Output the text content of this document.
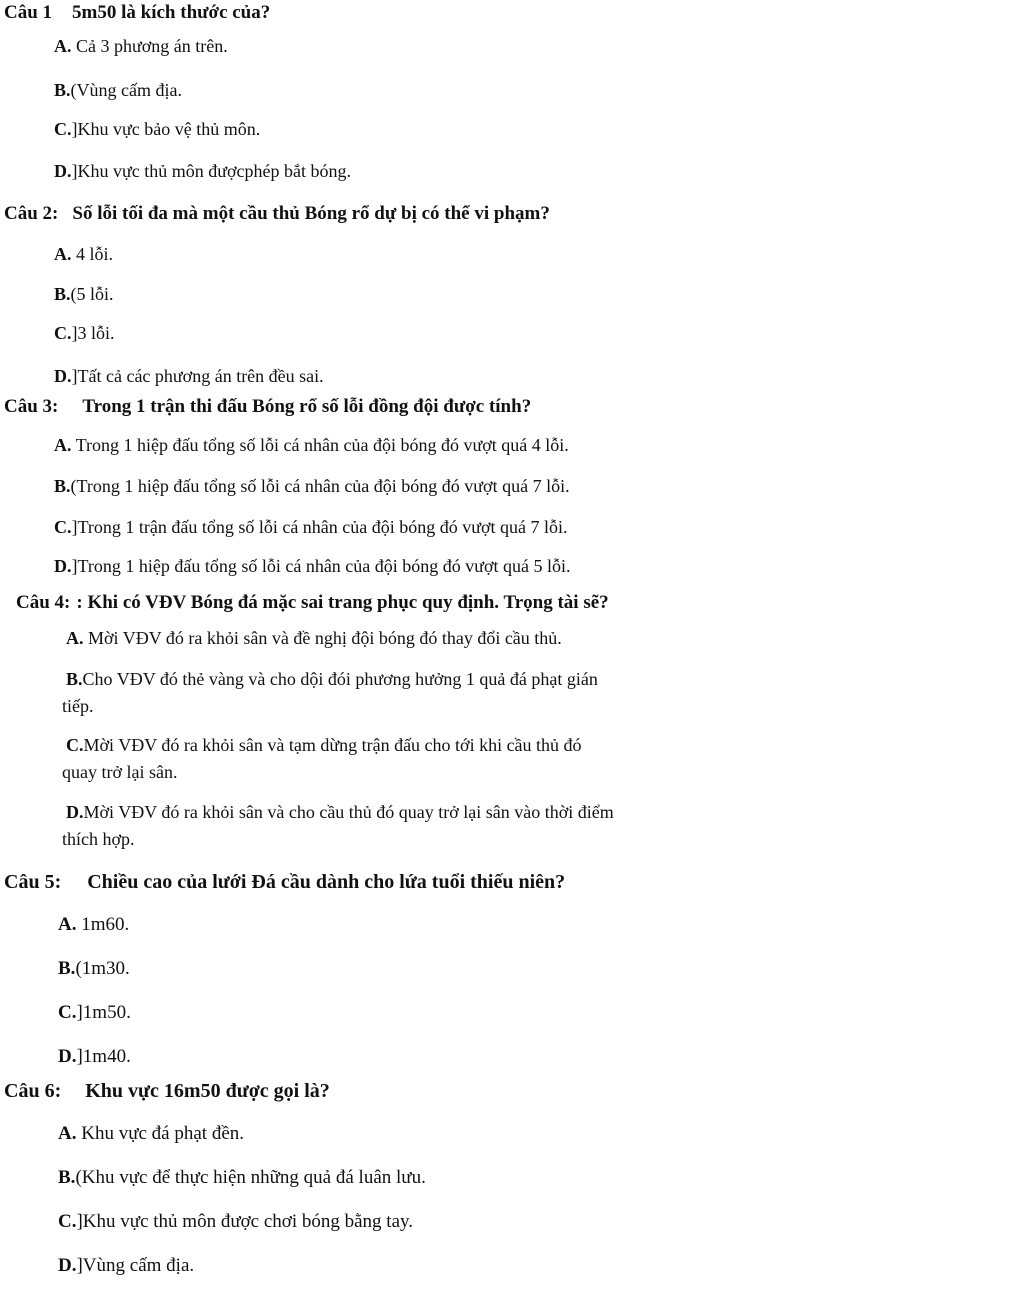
Câu 1 5m50 là kích thước của?
A. Cả 3 phương án trên.
B.(Vùng cấm địa.
C.]Khu vực bảo vệ thủ môn.
D.]Khu vực thủ môn đượcphép bắt bóng.
Câu 2: Số lỗi tối đa mà một cầu thủ Bóng rổ dự bị có thể vi phạm?
A. 4 lỗi.
B.(5 lỗi.
C.]3 lỗi.
D.]Tất cả các phương án trên đều sai.
Câu 3: Trong 1 trận thi đấu Bóng rổ số lỗi đồng đội được tính?
A. Trong 1 hiệp đấu tổng số lỗi cá nhân của đội bóng đó vượt quá 4 lỗi.
B.(Trong 1 hiệp đấu tổng số lỗi cá nhân của đội bóng đó vượt quá 7 lỗi.
C.]Trong 1 trận đấu tổng số lỗi cá nhân của đội bóng đó vượt quá 7 lỗi.
D.]Trong 1 hiệp đấu tổng số lỗi cá nhân của đội bóng đó vượt quá 5 lỗi.
Câu 4: : Khi có VĐV Bóng đá mặc sai trang phục quy định. Trọng tài sẽ?
A. Mời VĐV đó ra khỏi sân và đề nghị đội bóng đó thay đổi cầu thủ.
B.Cho VĐV đó thẻ vàng và cho dội đói phương hưởng 1 quả đá phạt gián
tiếp.
C.Mời VĐV đó ra khỏi sân và tạm dừng trận đấu cho tới khi cầu thủ đó
quay trở lại sân.
D.Mời VĐV đó ra khỏi sân và cho cầu thủ đó quay trở lại sân vào thời điểm
thích hợp.
Câu 5: Chiều cao của lưới Đá cầu dành cho lứa tuổi thiếu niên?
A. 1m60.
B.(1m30.
C.]1m50.
D.]1m40.
Câu 6: Khu vực 16m50 được gọi là?
A. Khu vực đá phạt đền.
B.(Khu vực để thực hiện những quả đá luân lưu.
C.]Khu vực thủ môn được chơi bóng bằng tay.
D.]Vùng cấm địa.
